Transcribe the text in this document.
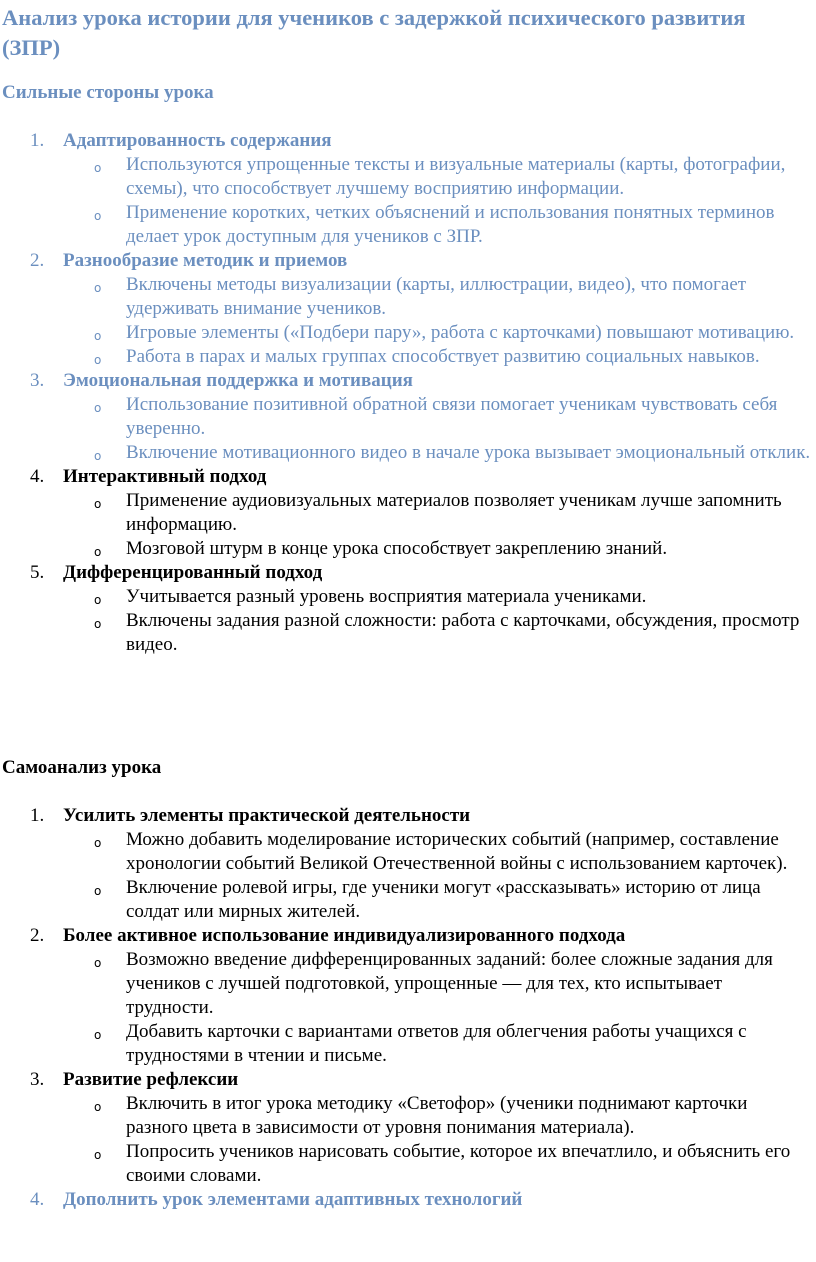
Анализ урока истории для учеников с задержкой психического развития (ЗПР)
Сильные стороны урока
1. Адаптированность содержания
o Используются упрощенные тексты и визуальные материалы (карты, фотографии, схемы), что способствует лучшему восприятию информации.
o Применение коротких, четких объяснений и использования понятных терминов делает урок доступным для учеников с ЗПР.
2. Разнообразие методик и приемов
o Включены методы визуализации (карты, иллюстрации, видео), что помогает удерживать внимание учеников.
o Игровые элементы («Подбери пару», работа с карточками) повышают мотивацию.
o Работа в парах и малых группах способствует развитию социальных навыков.
3. Эмоциональная поддержка и мотивация
o Использование позитивной обратной связи помогает ученикам чувствовать себя уверенно.
o Включение мотивационного видео в начале урока вызывает эмоциональный отклик.
4. Интерактивный подход
o Применение аудиовизуальных материалов позволяет ученикам лучше запомнить информацию.
o Мозговой штурм в конце урока способствует закреплению знаний.
5. Дифференцированный подход
o Учитывается разный уровень восприятия материала учениками.
o Включены задания разной сложности: работа с карточками, обсуждения, просмотр видео.
Самоанализ урока
1. Усилить элементы практической деятельности
o Можно добавить моделирование исторических событий (например, составление хронологии событий Великой Отечественной войны с использованием карточек).
o Включение ролевой игры, где ученики могут «рассказывать» историю от лица солдат или мирных жителей.
2. Более активное использование индивидуализированного подхода
o Возможно введение дифференцированных заданий: более сложные задания для учеников с лучшей подготовкой, упрощенные — для тех, кто испытывает трудности.
o Добавить карточки с вариантами ответов для облегчения работы учащихся с трудностями в чтении и письме.
3. Развитие рефлексии
o Включить в итог урока методику «Светофор» (ученики поднимают карточки разного цвета в зависимости от уровня понимания материала).
o Попросить учеников нарисовать событие, которое их впечатлило, и объяснить его своими словами.
4. Дополнить урок элементами адаптивных технологий
